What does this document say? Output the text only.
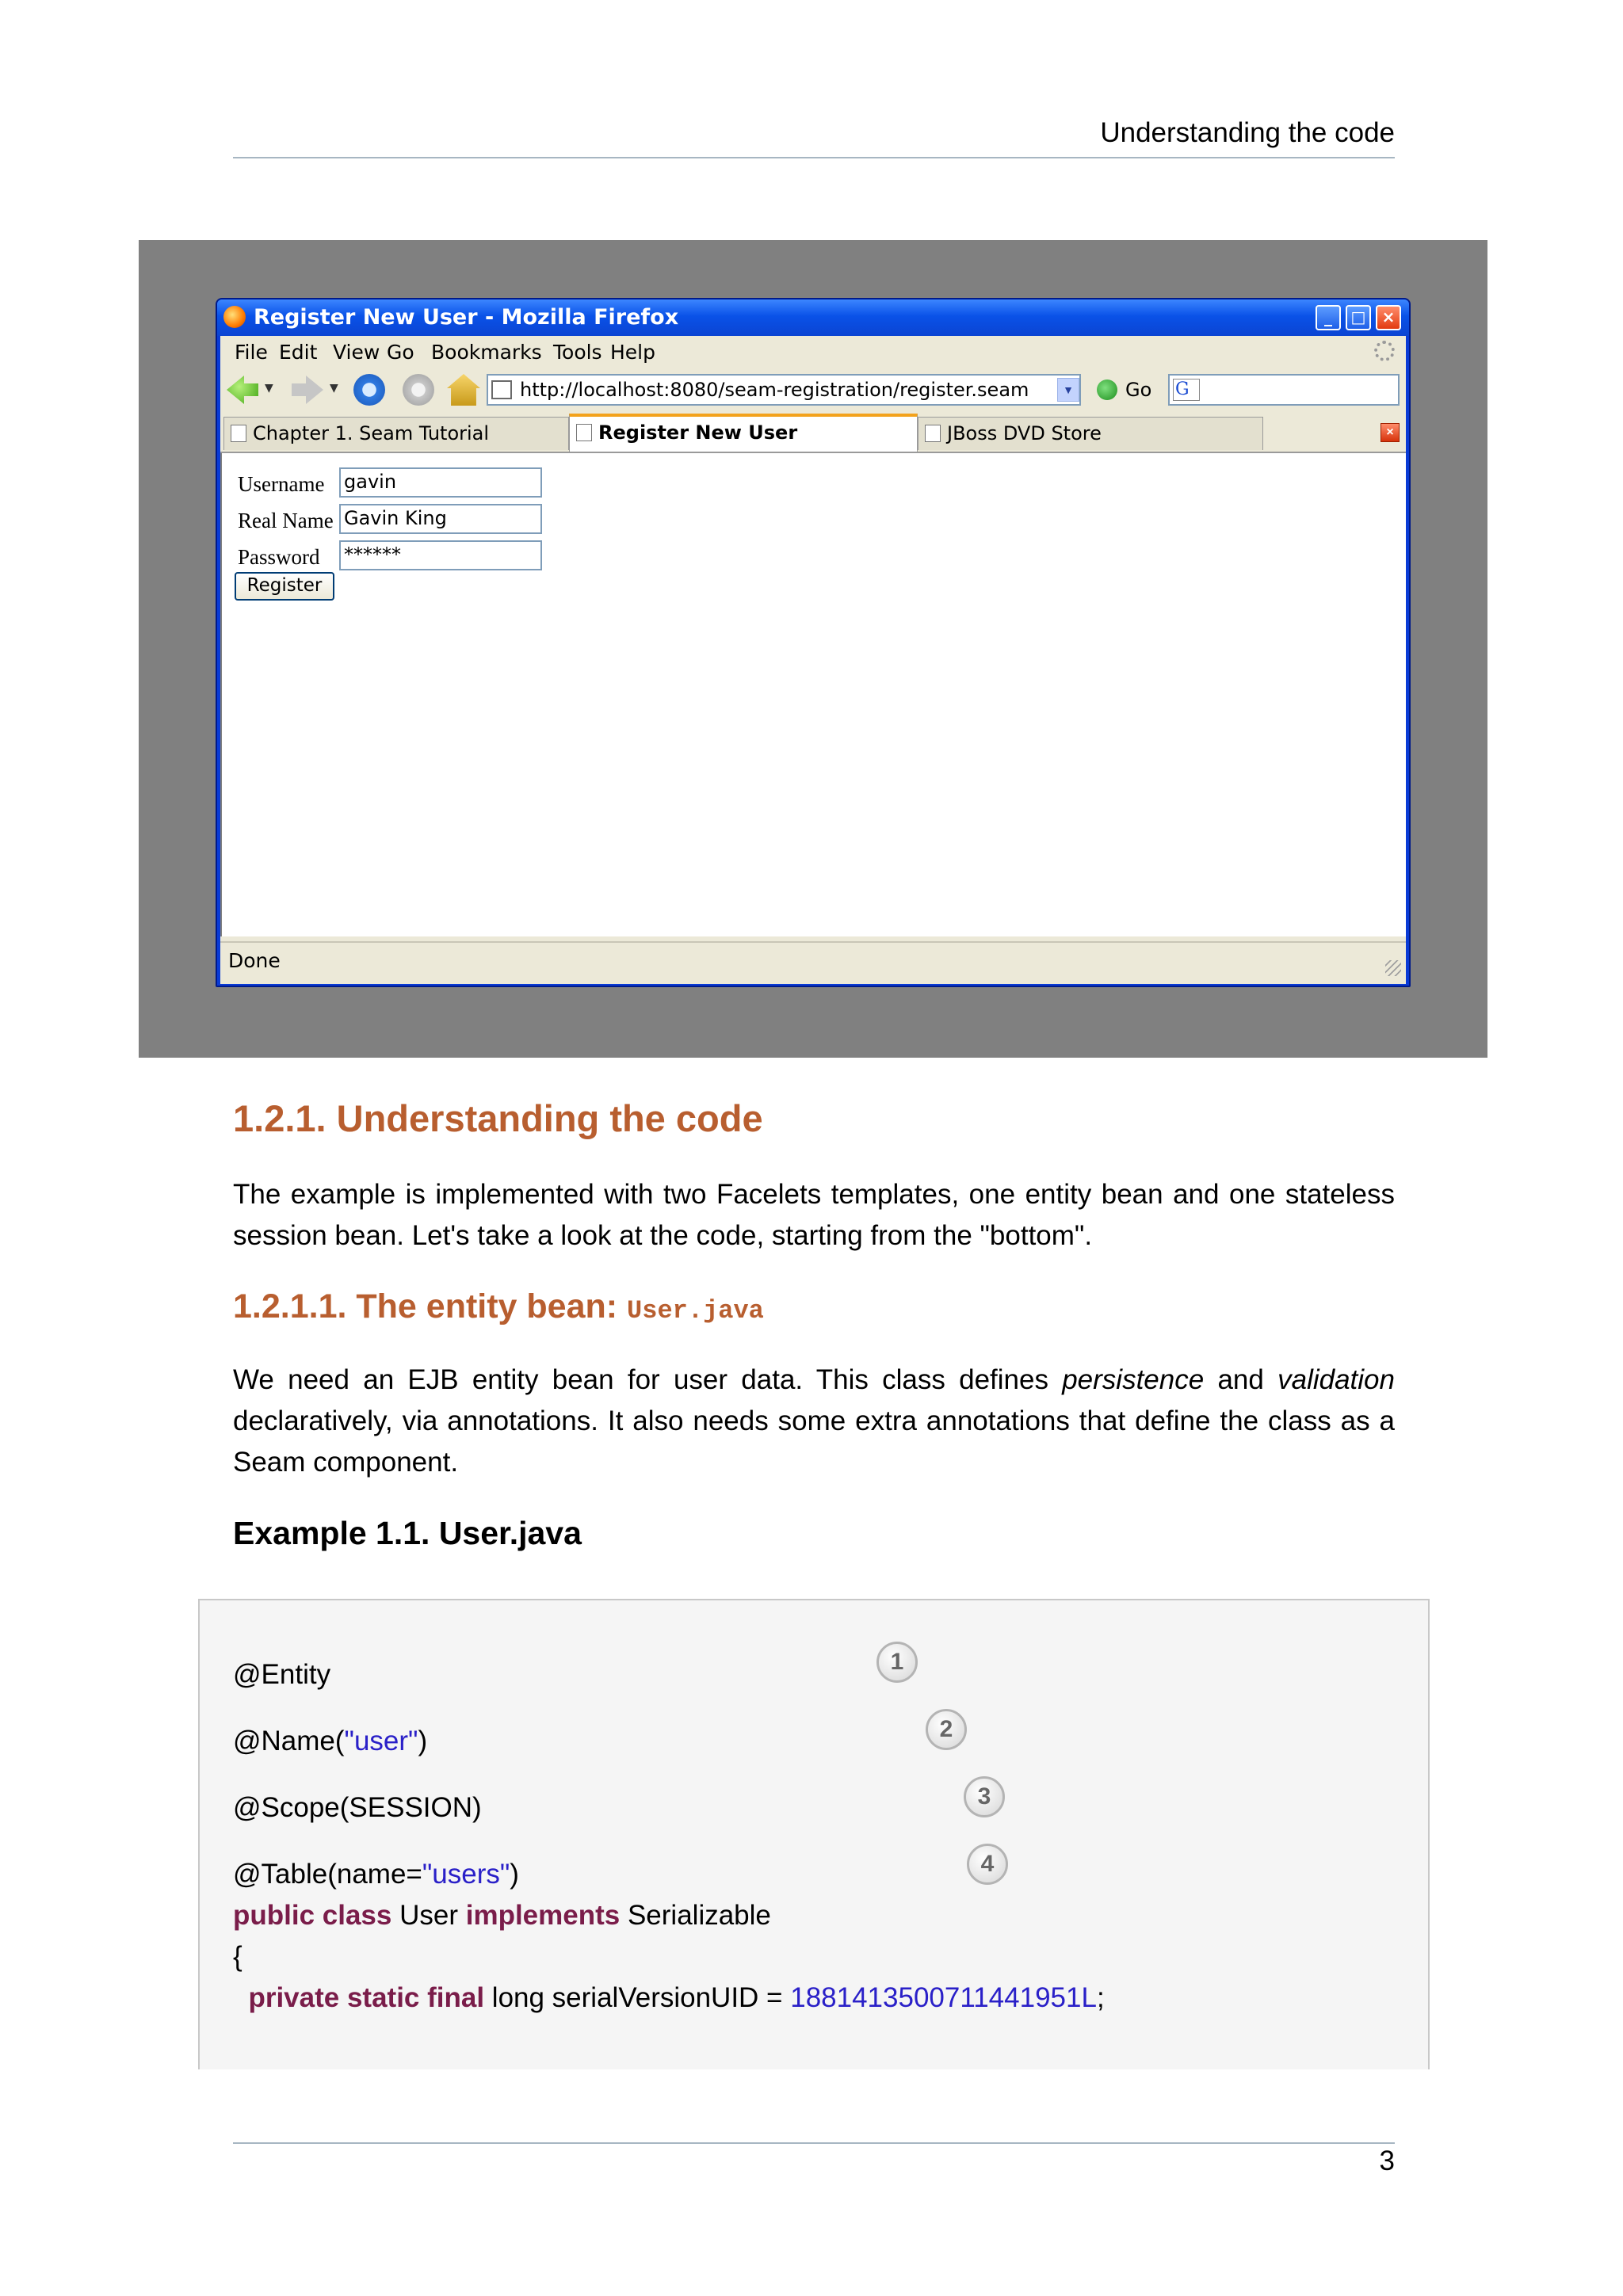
Understanding the code
Register New User - Mozilla Firefox	_	□	×
File Edit View Go Bookmarks Tools Help
▼	▼	http://localhost:8080/seam-registration/register.seam	▼	Go G
Chapter 1. Seam Tutorial	Register New User	JBoss DVD Store	×
Username gavin
Real Name Gavin King
Password ******
Register
Done
1.2.1. Understanding the code
The example is implemented with two Facelets templates, one entity bean and one stateless session bean. Let's take a look at the code, starting from the "bottom".
1.2.1.1. The entity bean: User.java
We need an EJB entity bean for user data. This class defines persistence and validation declaratively, via annotations. It also needs some extra annotations that define the class as a Seam component.
Example 1.1. User.java
@Entity
@Name("user")
@Scope(SESSION)
@Table(name="users")
public class User implements Serializable
{
private static final long serialVersionUID = 1881413500711441951L;
1
2
3
4
3
